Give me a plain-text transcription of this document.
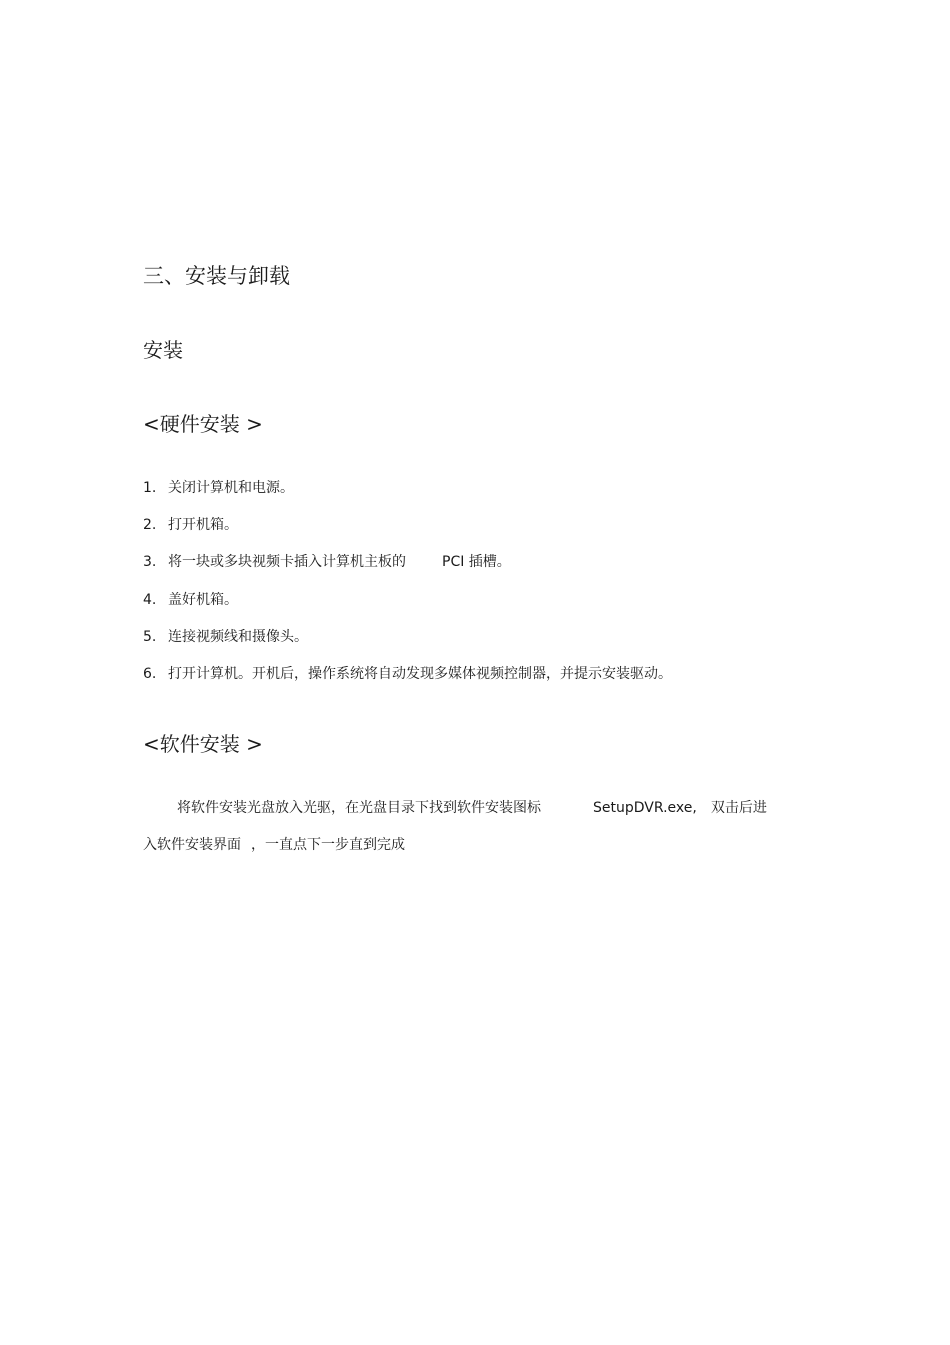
三、安装与卸载
安装
<硬件安装 >
1. 关闭计算机和电源。
2. 打开机箱。
3. 将一块或多块视频卡插入计算机主板的	PCI 插槽。
4. 盖好机箱。
5. 连接视频线和摄像头。
6. 打开计算机。开机后，操作系统将自动发现多媒体视频控制器，并提示安装驱动。
<软件安装 >
将软件安装光盘放入光驱，在光盘目录下找到软件安装图标	SetupDVR.exe, 双击后进
入软件安装界面 ，一直点下一步直到完成
